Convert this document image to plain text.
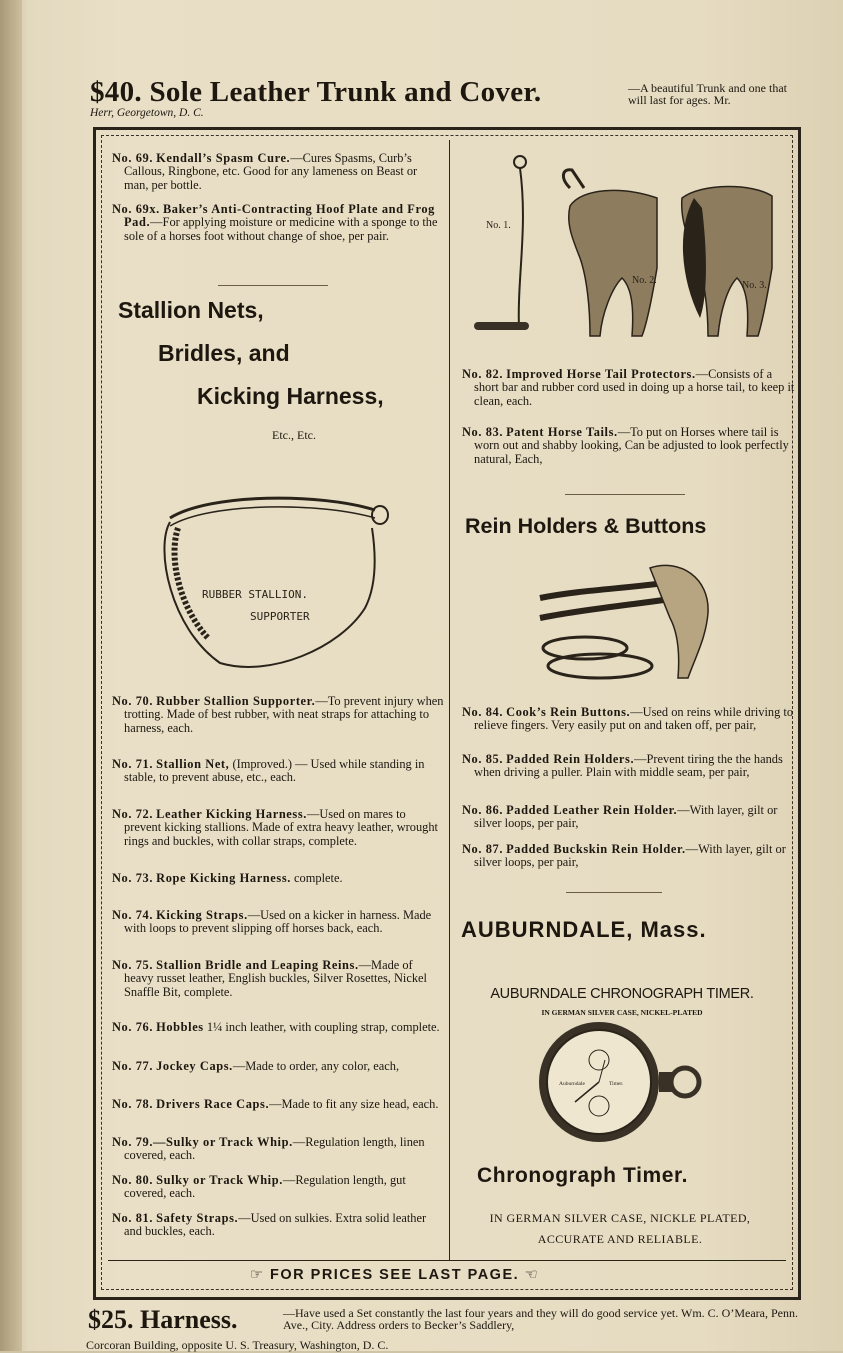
$40. Sole Leather Trunk and Cover.	—A beautiful Trunk and one that will last for ages. Mr.
Herr, Georgetown, D. C.
No. 69. Kendall’s Spasm Cure.—Cures Spasms, Curb’s Callous, Ringbone, etc. Good for any lameness on Beast or man, per bottle.
No. 69x. Baker’s Anti-Contracting Hoof Plate and Frog Pad.—For applying moisture or medicine with a sponge to the sole of a horses foot without change of shoe, per pair.
Stallion Nets,
Bridles, and
Kicking Harness,
Etc., Etc.
RUBBER STALLION.
SUPPORTER
No. 70. Rubber Stallion Supporter.—To prevent injury when trotting. Made of best rubber, with neat straps for attaching to harness, each.
No. 71. Stallion Net, (Improved.) — Used while standing in stable, to prevent abuse, etc., each.
No. 72. Leather Kicking Harness.—Used on mares to prevent kicking stallions. Made of extra heavy leather, wrought rings and buckles, with collar straps, complete.
No. 73. Rope Kicking Harness. complete.
No. 74. Kicking Straps.—Used on a kicker in harness. Made with loops to prevent slipping off horses back, each.
No. 75. Stallion Bridle and Leaping Reins.—Made of heavy russet leather, English buckles, Silver Rosettes, Nickel Snaffle Bit, complete.
No. 76. Hobbles 1¼ inch leather, with coupling strap, complete.
No. 77. Jockey Caps.—Made to order, any color, each,
No. 78. Drivers Race Caps.—Made to fit any size head, each.
No. 79.—Sulky or Track Whip.—Regulation length, linen covered, each.
No. 80. Sulky or Track Whip.—Regulation length, gut covered, each.
No. 81. Safety Straps.—Used on sulkies. Extra solid leather and buckles, each.
No. 1.
No. 2.	No. 3.
No. 82. Improved Horse Tail Protectors.—Consists of a short bar and rubber cord used in doing up a horse tail, to keep it clean, each.
No. 83. Patent Horse Tails.—To put on Horses where tail is worn out and shabby looking, Can be adjusted to look perfectly natural, Each,
Rein Holders & Buttons
No. 84. Cook’s Rein Buttons.—Used on reins while driving to relieve fingers. Very easily put on and taken off, per pair,
No. 85. Padded Rein Holders.—Prevent tiring the the hands when driving a puller. Plain with middle seam, per pair,
No. 86. Padded Leather Rein Holder.—With layer, gilt or silver loops, per pair,
No. 87. Padded Buckskin Rein Holder.—With layer, gilt or silver loops, per pair,
AUBURNDALE, Mass.
AUBURNDALE CHRONOGRAPH TIMER.
IN GERMAN SILVER CASE, NICKEL-PLATED
Auburndale	Timer.
Chronograph Timer.
IN GERMAN SILVER CASE, NICKLE PLATED,
ACCURATE AND RELIABLE.
☞ FOR PRICES SEE LAST PAGE. ☜
$25. Harness.	—Have used a Set constantly the last four years and they will do good service yet. Wm. C. O’Meara, Penn. Ave., City. Address orders to Becker’s Saddlery,
Corcoran Building, opposite U. S. Treasury, Washington, D. C.
